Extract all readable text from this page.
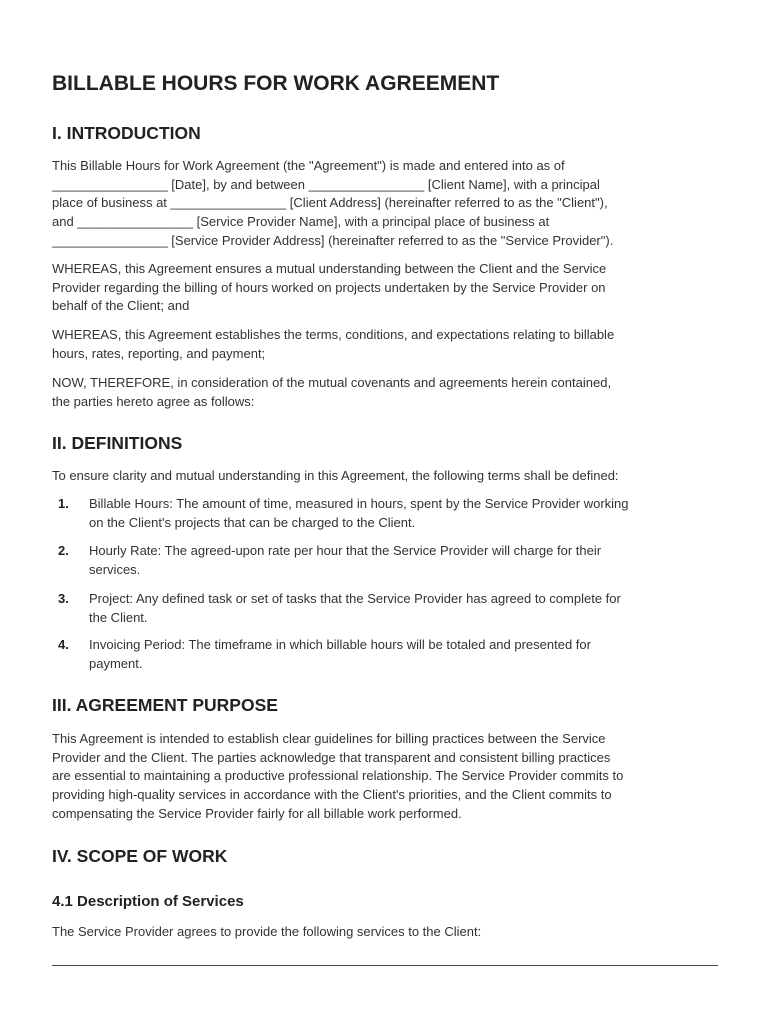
BILLABLE HOURS FOR WORK AGREEMENT
I. INTRODUCTION

This Billable Hours for Work Agreement (the "Agreement") is made and entered into as of
________________ [Date], by and between ________________ [Client Name], with a principal
place of business at ________________ [Client Address] (hereinafter referred to as the "Client"),
and ________________ [Service Provider Name], with a principal place of business at
________________ [Service Provider Address] (hereinafter referred to as the "Service Provider").

WHEREAS, this Agreement ensures a mutual understanding between the Client and the Service
Provider regarding the billing of hours worked on projects undertaken by the Service Provider on
behalf of the Client; and

WHEREAS, this Agreement establishes the terms, conditions, and expectations relating to billable
hours, rates, reporting, and payment;

NOW, THEREFORE, in consideration of the mutual covenants and agreements herein contained,
the parties hereto agree as follows:

II. DEFINITIONS

To ensure clarity and mutual understanding in this Agreement, the following terms shall be defined:

1. Billable Hours: The amount of time, measured in hours, spent by the Service Provider working
on the Client's projects that can be charged to the Client.
2. Hourly Rate: The agreed-upon rate per hour that the Service Provider will charge for their
services.
3. Project: Any defined task or set of tasks that the Service Provider has agreed to complete for
the Client.
4. Invoicing Period: The timeframe in which billable hours will be totaled and presented for
payment.
III. AGREEMENT PURPOSE

This Agreement is intended to establish clear guidelines for billing practices between the Service
Provider and the Client. The parties acknowledge that transparent and consistent billing practices
are essential to maintaining a productive professional relationship. The Service Provider commits to
providing high-quality services in accordance with the Client's priorities, and the Client commits to
compensating the Service Provider fairly for all billable work performed.

IV. SCOPE OF WORK
4.1 Description of Services

The Service Provider agrees to provide the following services to the Client:
